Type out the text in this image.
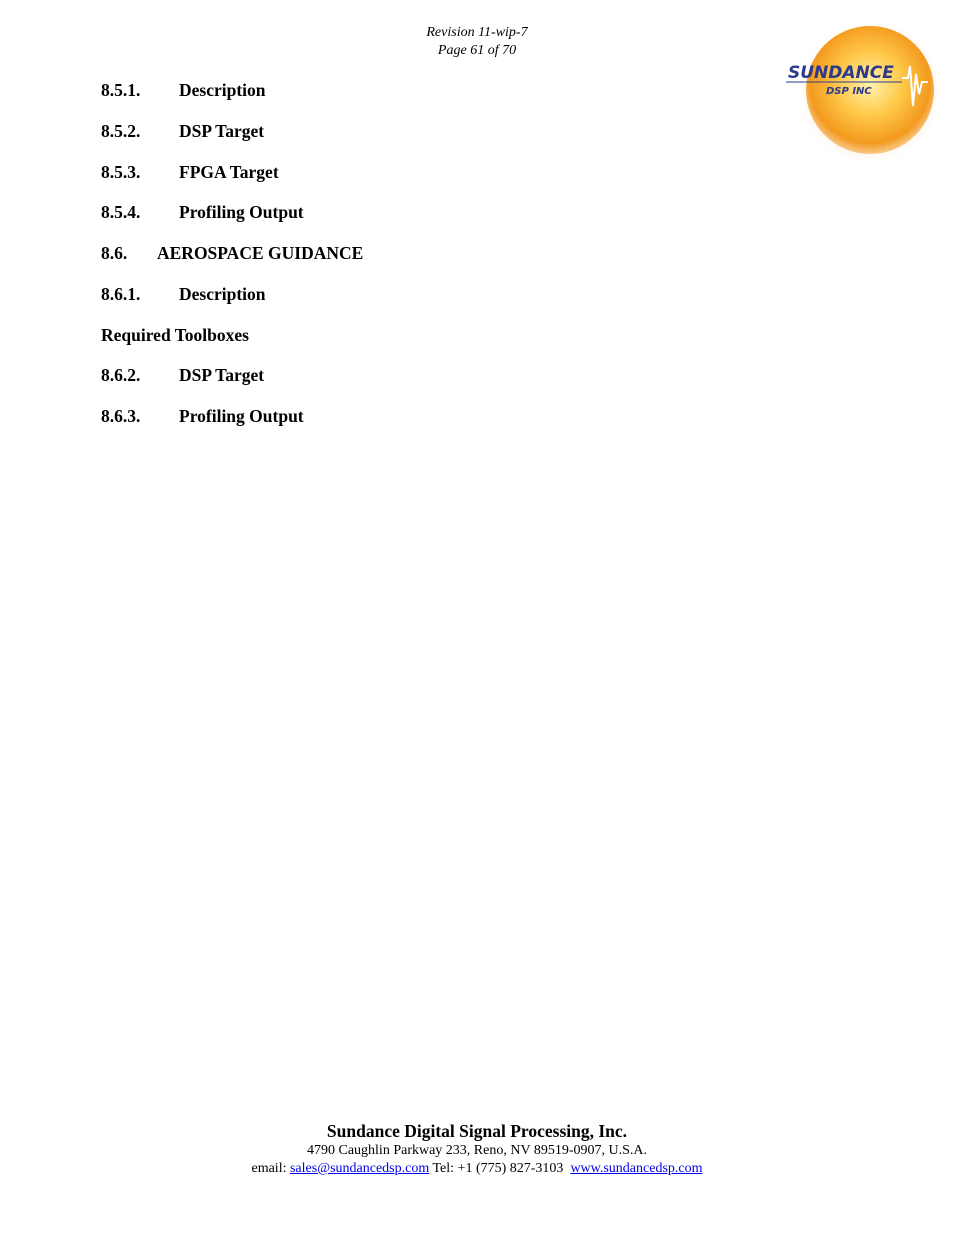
Revision 11-wip-7
Page 61 of 70
SUNDANCE
DSP INC
8.5.1. Description
8.5.2. DSP Target
8.5.3. FPGA Target
8.5.4. Profiling Output
8.6. AEROSPACE GUIDANCE
8.6.1. Description
Required Toolboxes
8.6.2. DSP Target
8.6.3. Profiling Output
Sundance Digital Signal Processing, Inc.
4790 Caughlin Parkway 233, Reno, NV 89519-0907, U.S.A.
email: sales@sundancedsp.com Tel: +1 (775) 827-3103 www.sundancedsp.com
